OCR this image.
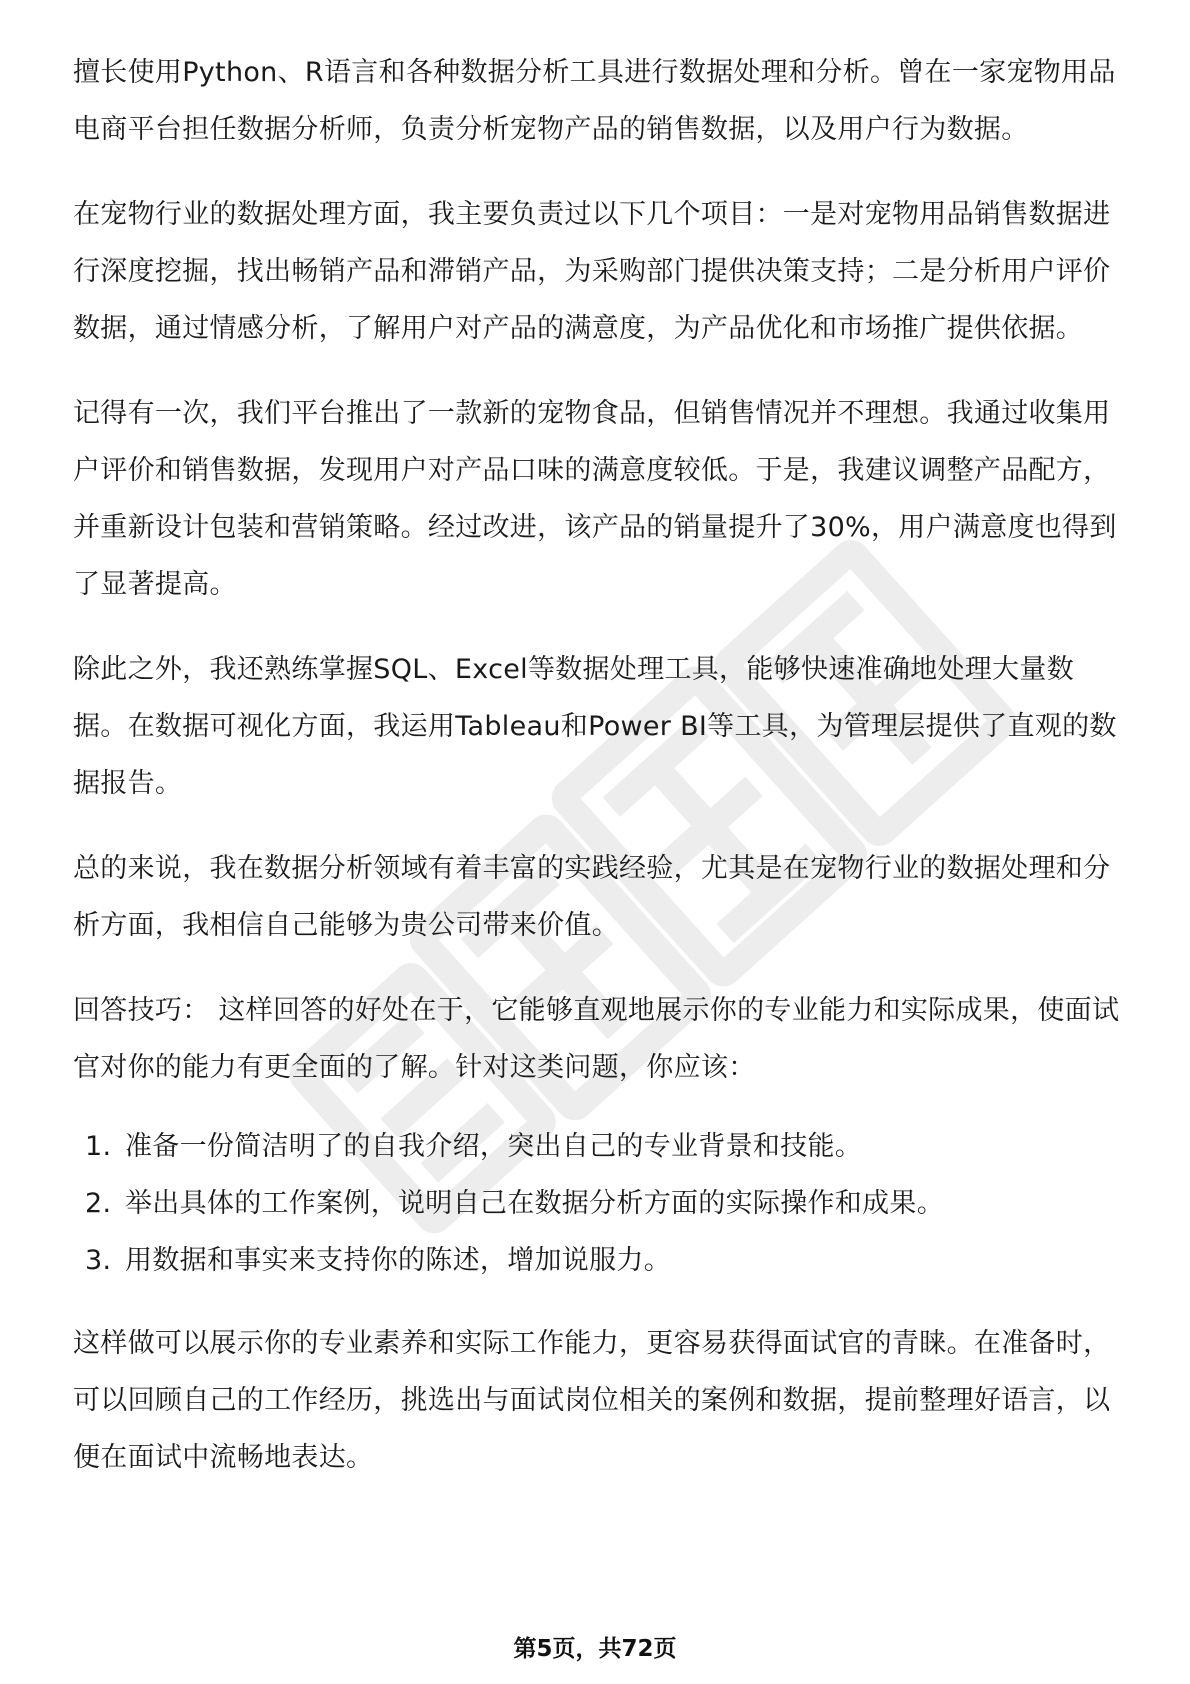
擅长使用Python、R语言和各种数据分析工具进行数据处理和分析。曾在一家宠物用品电商平台担任数据分析师，负责分析宠物产品的销售数据，以及用户行为数据。

在宠物行业的数据处理方面，我主要负责过以下几个项目：一是对宠物用品销售数据进行深度挖掘，找出畅销产品和滞销产品，为采购部门提供决策支持；二是分析用户评价数据，通过情感分析，了解用户对产品的满意度，为产品优化和市场推广提供依据。

记得有一次，我们平台推出了一款新的宠物食品，但销售情况并不理想。我通过收集用户评价和销售数据，发现用户对产品口味的满意度较低。于是，我建议调整产品配方，并重新设计包装和营销策略。经过改进，该产品的销量提升了30%，用户满意度也得到了显著提高。

除此之外，我还熟练掌握SQL、Excel等数据处理工具，能够快速准确地处理大量数据。在数据可视化方面，我运用Tableau和Power BI等工具，为管理层提供了直观的数据报告。

总的来说，我在数据分析领域有着丰富的实践经验，尤其是在宠物行业的数据处理和分析方面，我相信自己能够为贵公司带来价值。

回答技巧： 这样回答的好处在于，它能够直观地展示你的专业能力和实际成果，使面试官对你的能力有更全面的了解。针对这类问题，你应该：

1. 准备一份简洁明了的自我介绍，突出自己的专业背景和技能。
2. 举出具体的工作案例，说明自己在数据分析方面的实际操作和成果。
3. 用数据和事实来支持你的陈述，增加说服力。

这样做可以展示你的专业素养和实际工作能力，更容易获得面试官的青睐。在准备时，可以回顾自己的工作经历，挑选出与面试岗位相关的案例和数据，提前整理好语言，以便在面试中流畅地表达。

第5页，共72页
